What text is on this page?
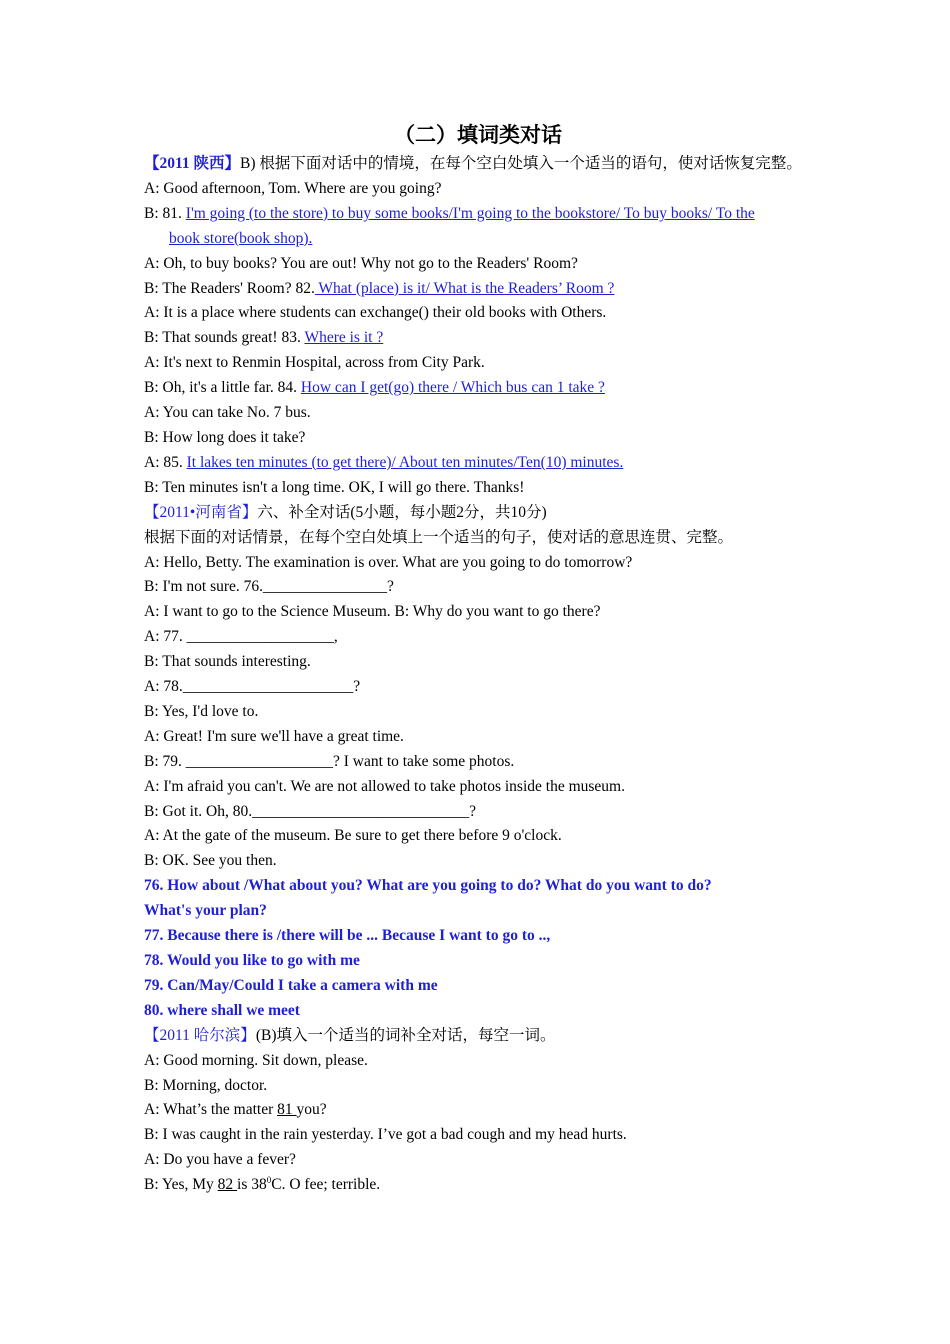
（二）填词类对话
【2011 陕西】B) 根据下面对话中的情境，在每个空白处填入一个适当的语句，使对话恢复完整。
A: Good afternoon, Tom. Where are you going?
B: 81. I'm going (to the store) to buy some books/I'm going to the bookstore/ To buy books/ To the
book store(book shop).
A: Oh, to buy books? You are out! Why not go to the Readers' Room?
B: The Readers' Room? 82. What (place) is it/ What is the Readers’ Room ?
A: It is a place where students can exchange() their old books with Others.
B: That sounds great! 83. Where is it ?
A: It's next to Renmin Hospital, across from City Park.
B: Oh, it's a little far. 84. How can I get(go) there / Which bus can 1 take ?
A: You can take No. 7 bus.
B: How long does it take?
A: 85. It lakes ten minutes (to get there)/ About ten minutes/Ten(10) minutes.
B: Ten minutes isn't a long time. OK, I will go there. Thanks!
【2011•河南省】六、补全对话(5小题，每小题2分，共10分)
根据下面的对话情景，在每个空白处填上一个适当的句子，使对话的意思连贯、完整。
A: Hello, Betty. The examination is over. What are you going to do tomorrow?
B: I'm not sure. 76.________________?
A: I want to go to the Science Museum. B: Why do you want to go there?
A: 77. ___________________,
B: That sounds interesting.
A: 78.______________________?
B: Yes, I'd love to.
A: Great! I'm sure we'll have a great time.
B: 79. ___________________? I want to take some photos.
A: I'm afraid you can't. We are not allowed to take photos inside the museum.
B: Got it. Oh, 80.____________________________?
A: At the gate of the museum. Be sure to get there before 9 o'clock.
B: OK. See you then.
76. How about /What about you? What are you going to do? What do you want to do?
What's your plan?
77. Because there is /there will be ... Because I want to go to ..,
78. Would you like to go with me
79. Can/May/Could I take a camera with me
80. where shall we meet
【2011 哈尔滨】(B)填入一个适当的词补全对话，每空一词。
A: Good morning. Sit down, please.
B: Morning, doctor.
A: What’s the matter 81 you?
B: I was caught in the rain yesterday. I’ve got a bad cough and my head hurts.
A: Do you have a fever?
B: Yes, My 82 is $38^0C$. O fee; terrible.
